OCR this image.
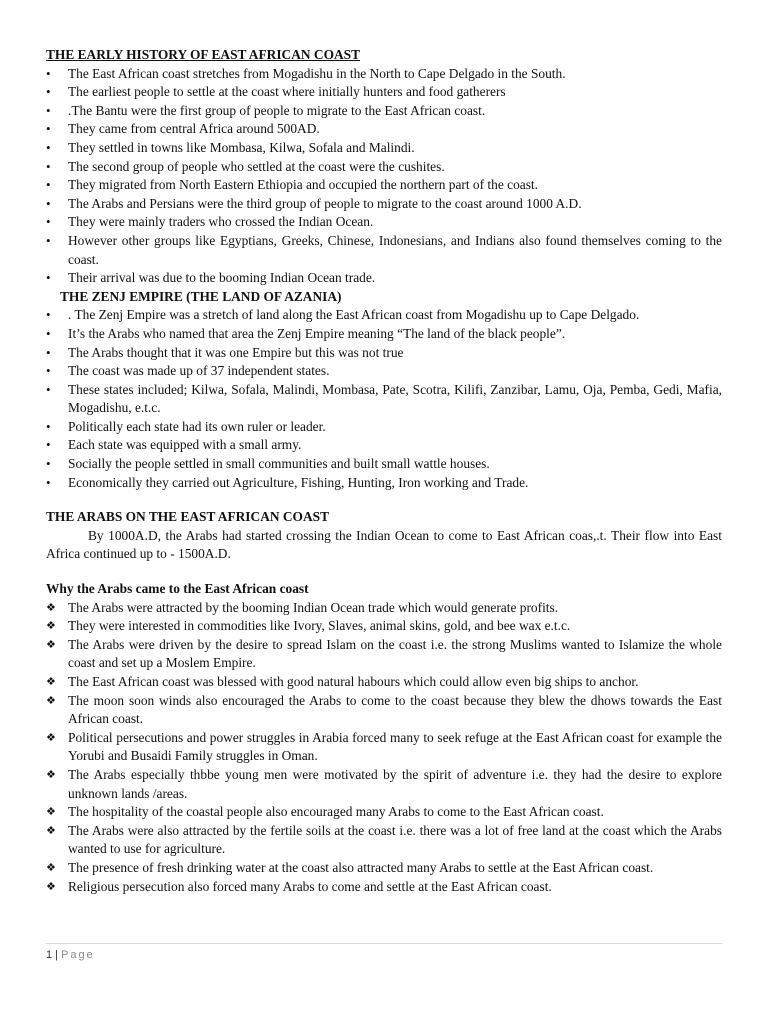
THE EARLY HISTORY OF EAST AFRICAN COAST
•	The East African coast stretches from Mogadishu in the North to Cape Delgado in the South.
•	The earliest people to settle at the coast where initially hunters and food gatherers
•	.The Bantu were the first group of people to migrate to the East African coast.
•	They came from central Africa around 500AD.
•	They settled in towns like Mombasa, Kilwa, Sofala and Malindi.
•	The second group of people who settled at the coast were the cushites.
•	They migrated from North Eastern Ethiopia and occupied the northern part of the coast.
•	The Arabs and Persians were the third group of people to migrate to the coast around 1000 A.D.
•	They were mainly traders who crossed the Indian Ocean.
•	However other groups like Egyptians, Greeks, Chinese, Indonesians, and Indians also found themselves coming to the coast.
•	Their arrival was due to the booming Indian Ocean trade.
THE ZENJ EMPIRE (THE LAND OF AZANIA)
•	. The Zenj Empire was a stretch of land along the East African coast from Mogadishu up to Cape Delgado.
•	It’s the Arabs who named that area the Zenj Empire meaning “The land of the black people”.
•	The Arabs thought that it was one Empire but this was not true
•	The coast was made up of 37 independent states.
•	These states included; Kilwa, Sofala, Malindi, Mombasa, Pate, Scotra, Kilifi, Zanzibar, Lamu, Oja, Pemba, Gedi, Mafia, Mogadishu, e.t.c.
•	Politically each state had its own ruler or leader.
•	Each state was equipped with a small army.
•	Socially the people settled in small communities and built small wattle houses.
•	Economically they carried out Agriculture, Fishing, Hunting, Iron working and Trade.
THE ARABS ON THE EAST AFRICAN COAST

By 1000A.D, the Arabs had started crossing the Indian Ocean to come to East African coas,.t. Their flow into East Africa continued up to - 1500A.D.

Why the Arabs came to the East African coast
❖ The Arabs were attracted by the booming Indian Ocean trade which would generate profits.
❖ They were interested in commodities like Ivory, Slaves, animal skins, gold, and bee wax e.t.c.
❖ The Arabs were driven by the desire to spread Islam on the coast i.e. the strong Muslims wanted to Islamize the whole coast and set up a Moslem Empire.
❖ The East African coast was blessed with good natural habours which could allow even big ships to anchor.
❖ The moon soon winds also encouraged the Arabs to come to the coast because they blew the dhows towards the East African coast.
❖ Political persecutions and power struggles in Arabia forced many to seek refuge at the East African coast for example the Yorubi and Busaidi Family struggles in Oman.
❖ The Arabs especially thbbe young men were motivated by the spirit of adventure i.e. they had the desire to explore unknown lands /areas.
❖ The hospitality of the coastal people also encouraged many Arabs to come to the East African coast.
❖ The Arabs were also attracted by the fertile soils at the coast i.e. there was a lot of free land at the coast which the Arabs wanted to use for agriculture.
❖ The presence of fresh drinking water at the coast also attracted many Arabs to settle at the East African coast.
❖ Religious persecution also forced many Arabs to come and settle at the East African coast.
1 | Page
